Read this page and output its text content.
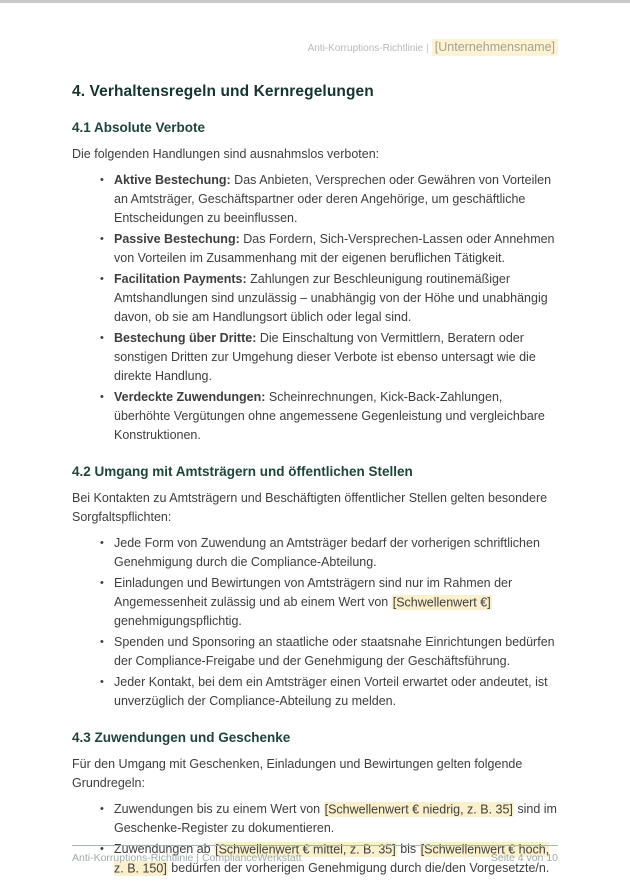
Anti-Korruptions-Richtlinie | [Unternehmensname]
4. Verhaltensregeln und Kernregelungen
4.1 Absolute Verbote

Die folgenden Handlungen sind ausnahmslos verboten:

• Aktive Bestechung: Das Anbieten, Versprechen oder Gewähren von Vorteilen an Amtsträger, Geschäftspartner oder deren Angehörige, um geschäftliche Entscheidungen zu beeinflussen.
• Passive Bestechung: Das Fordern, Sich-Versprechen-Lassen oder Annehmen von Vorteilen im Zusammenhang mit der eigenen beruflichen Tätigkeit.
• Facilitation Payments: Zahlungen zur Beschleunigung routinemäßiger Amtshandlungen sind unzulässig – unabhängig von der Höhe und unabhängig davon, ob sie am Handlungsort üblich oder legal sind.
• Bestechung über Dritte: Die Einschaltung von Vermittlern, Beratern oder sonstigen Dritten zur Umgehung dieser Verbote ist ebenso untersagt wie die direkte Handlung.
• Verdeckte Zuwendungen: Scheinrechnungen, Kick-Back-Zahlungen, überhöhte Vergütungen ohne angemessene Gegenleistung und vergleichbare Konstruktionen.
4.2 Umgang mit Amtsträgern und öffentlichen Stellen

Bei Kontakten zu Amtsträgern und Beschäftigten öffentlicher Stellen gelten besondere Sorgfaltspflichten:

• Jede Form von Zuwendung an Amtsträger bedarf der vorherigen schriftlichen Genehmigung durch die Compliance-Abteilung.
• Einladungen und Bewirtungen von Amtsträgern sind nur im Rahmen der Angemessenheit zulässig und ab einem Wert von [Schwellenwert €] genehmigungspflichtig.
• Spenden und Sponsoring an staatliche oder staatsnahe Einrichtungen bedürfen der Compliance-Freigabe und der Genehmigung der Geschäftsführung.
• Jeder Kontakt, bei dem ein Amtsträger einen Vorteil erwartet oder andeutet, ist unverzüglich der Compliance-Abteilung zu melden.
4.3 Zuwendungen und Geschenke

Für den Umgang mit Geschenken, Einladungen und Bewirtungen gelten folgende Grundregeln:

• Zuwendungen bis zu einem Wert von [Schwellenwert € niedrig, z. B. 35] sind im Geschenke-Register zu dokumentieren.
• Zuwendungen ab [Schwellenwert € mittel, z. B. 35] bis [Schwellenwert € hoch, z. B. 150] bedürfen der vorherigen Genehmigung durch die/den Vorgesetzte/n.
Anti-Korruptions-Richtlinie | ComplianceWerkstatt	Seite 4 von 10
